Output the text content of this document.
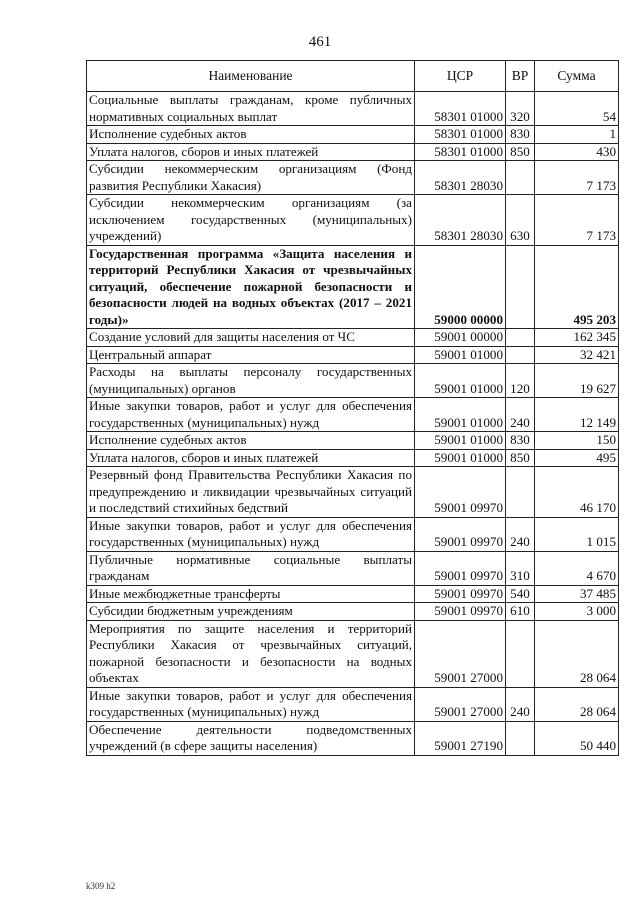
461
Наименование	ЦСР	ВР	Сумма
Социальные выплаты гражданам, кроме публичных нормативных социальных выплат	58301 01000	320	54
Исполнение судебных актов	58301 01000	830	1
Уплата налогов, сборов и иных платежей	58301 01000	850	430
Субсидии некоммерческим организациям (Фонд развития Республики Хакасия)	58301 28030		7 173
Субсидии некоммерческим организациям (за исключением государственных (муниципальных) учреждений)	58301 28030	630	7 173
Государственная программа «Защита населения и территорий Республики Хакасия от чрезвычайных ситуаций, обеспечение пожарной безопасности и безопасности людей на водных объектах (2017 – 2021 годы)»	59000 00000		495 203
Создание условий для защиты населения от ЧС	59001 00000		162 345
Центральный аппарат	59001 01000		32 421
Расходы на выплаты персоналу государственных (муниципальных) органов	59001 01000	120	19 627
Иные закупки товаров, работ и услуг для обеспечения государственных (муниципальных) нужд	59001 01000	240	12 149
Исполнение судебных актов	59001 01000	830	150
Уплата налогов, сборов и иных платежей	59001 01000	850	495
Резервный фонд Правительства Республики Хакасия по предупреждению и ликвидации чрезвычайных ситуаций и последствий стихийных бедствий	59001 09970		46 170
Иные закупки товаров, работ и услуг для обеспечения государственных (муниципальных) нужд	59001 09970	240	1 015
Публичные нормативные социальные выплаты гражданам	59001 09970	310	4 670
Иные межбюджетные трансферты	59001 09970	540	37 485
Субсидии бюджетным учреждениям	59001 09970	610	3 000
Мероприятия по защите населения и территорий Республики Хакасия от чрезвычайных ситуаций, пожарной безопасности и безопасности на водных объектах	59001 27000		28 064
Иные закупки товаров, работ и услуг для обеспечения государственных (муниципальных) нужд	59001 27000	240	28 064
Обеспечение деятельности подведомственных учреждений (в сфере защиты населения)	59001 27190		50 440
k309 h2
